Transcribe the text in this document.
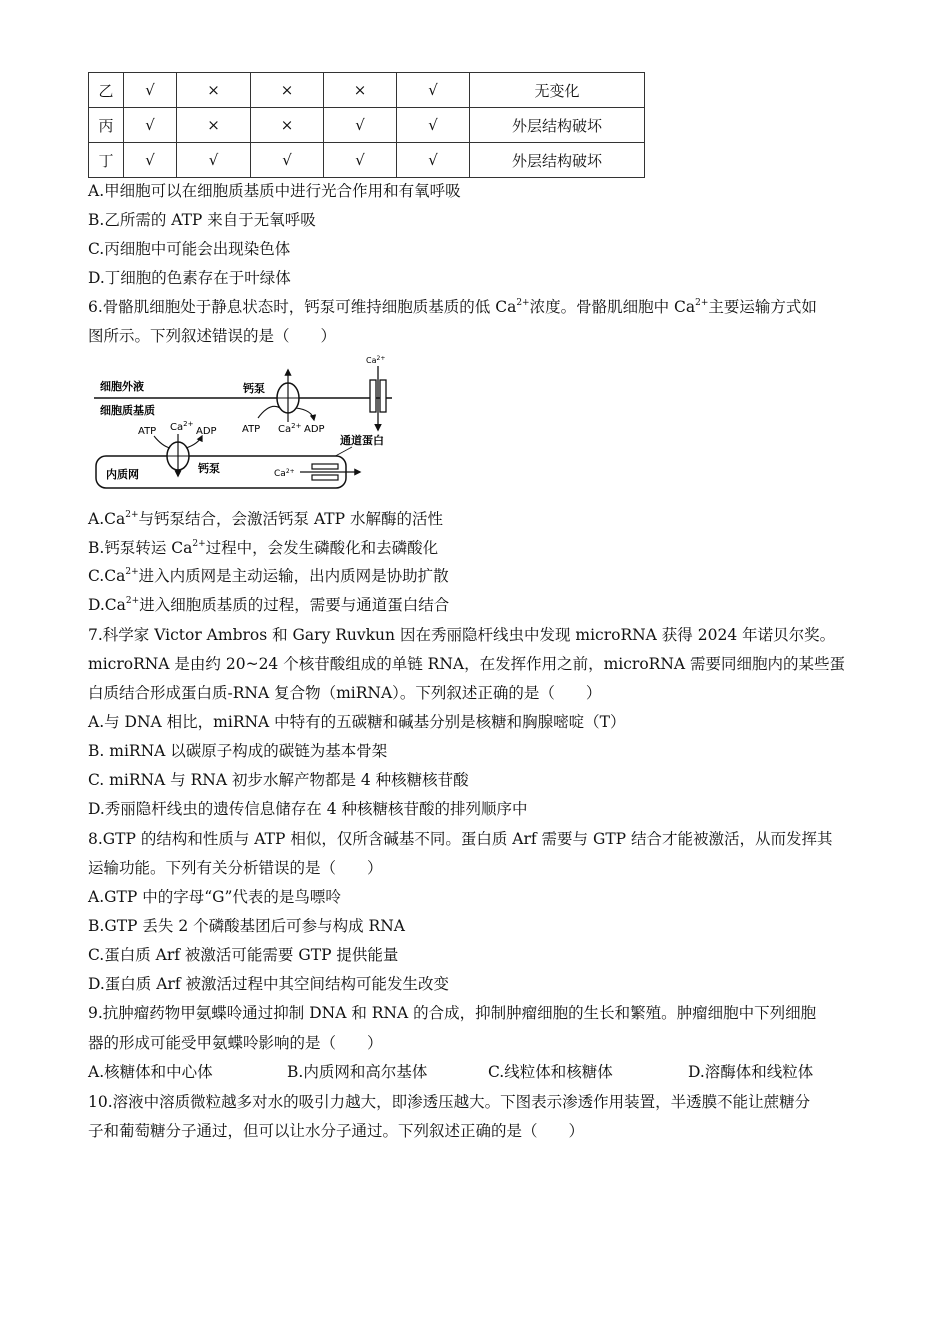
乙	√	×	×	×	√	无变化
丙	√	×	×	√	√	外层结构破坏
丁	√	√	√	√	√	外层结构破坏
A.甲细胞可以在细胞质基质中进行光合作用和有氧呼吸
B.乙所需的 ATP 来自于无氧呼吸
C.丙细胞中可能会出现染色体
D.丁细胞的色素存在于叶绿体
6.骨骼肌细胞处于静息状态时，钙泵可维持细胞质基质的低 $Ca^{2+}$浓度。骨骼肌细胞中 $Ca^{2+}$主要运输方式如
图所示。下列叙述错误的是（　　）
细胞外液
细胞质基质
钙泵
ATP $Ca^{2+}$ ADP
$Ca^{2+}$
通道蛋白
内质网
ATP $Ca^{2+}$
ADP
钙泵	$Ca^{2+}$
$A.Ca^{2+}$与钙泵结合，会激活钙泵 ATP 水解酶的活性
B.钙泵转运 $Ca^{2+}$过程中，会发生磷酸化和去磷酸化
$C.Ca^{2+}$进入内质网是主动运输，出内质网是协助扩散
$D.Ca^{2+}$进入细胞质基质的过程，需要与通道蛋白结合
7.科学家 Victor Ambros 和 Gary Ruvkun 因在秀丽隐杆线虫中发现 microRNA 获得 2024 年诺贝尔奖。
microRNA 是由约 20~24 个核苷酸组成的单链 RNA，在发挥作用之前，microRNA 需要同细胞内的某些蛋
白质结合形成蛋白质-RNA 复合物（miRNA）。下列叙述正确的是（　　）
A.与 DNA 相比，miRNA 中特有的五碳糖和碱基分别是核糖和胸腺嘧啶（T）
B. miRNA 以碳原子构成的碳链为基本骨架
C. miRNA 与 RNA 初步水解产物都是 4 种核糖核苷酸
D.秀丽隐杆线虫的遗传信息储存在 4 种核糖核苷酸的排列顺序中
8.GTP 的结构和性质与 ATP 相似，仅所含碱基不同。蛋白质 Arf 需要与 GTP 结合才能被激活，从而发挥其
运输功能。下列有关分析错误的是（　　）
A.GTP 中的字母“G”代表的是鸟嘌呤
B.GTP 丢失 2 个磷酸基团后可参与构成 RNA
C.蛋白质 Arf 被激活可能需要 GTP 提供能量
D.蛋白质 Arf 被激活过程中其空间结构可能发生改变
9.抗肿瘤药物甲氨蝶呤通过抑制 DNA 和 RNA 的合成，抑制肿瘤细胞的生长和繁殖。肿瘤细胞中下列细胞
器的形成可能受甲氨蝶呤影响的是（　　）
A.核糖体和中心体	B.内质网和高尔基体	C.线粒体和核糖体	D.溶酶体和线粒体
10.溶液中溶质微粒越多对水的吸引力越大，即渗透压越大。下图表示渗透作用装置，半透膜不能让蔗糖分
子和葡萄糖分子通过，但可以让水分子通过。下列叙述正确的是（　　）
